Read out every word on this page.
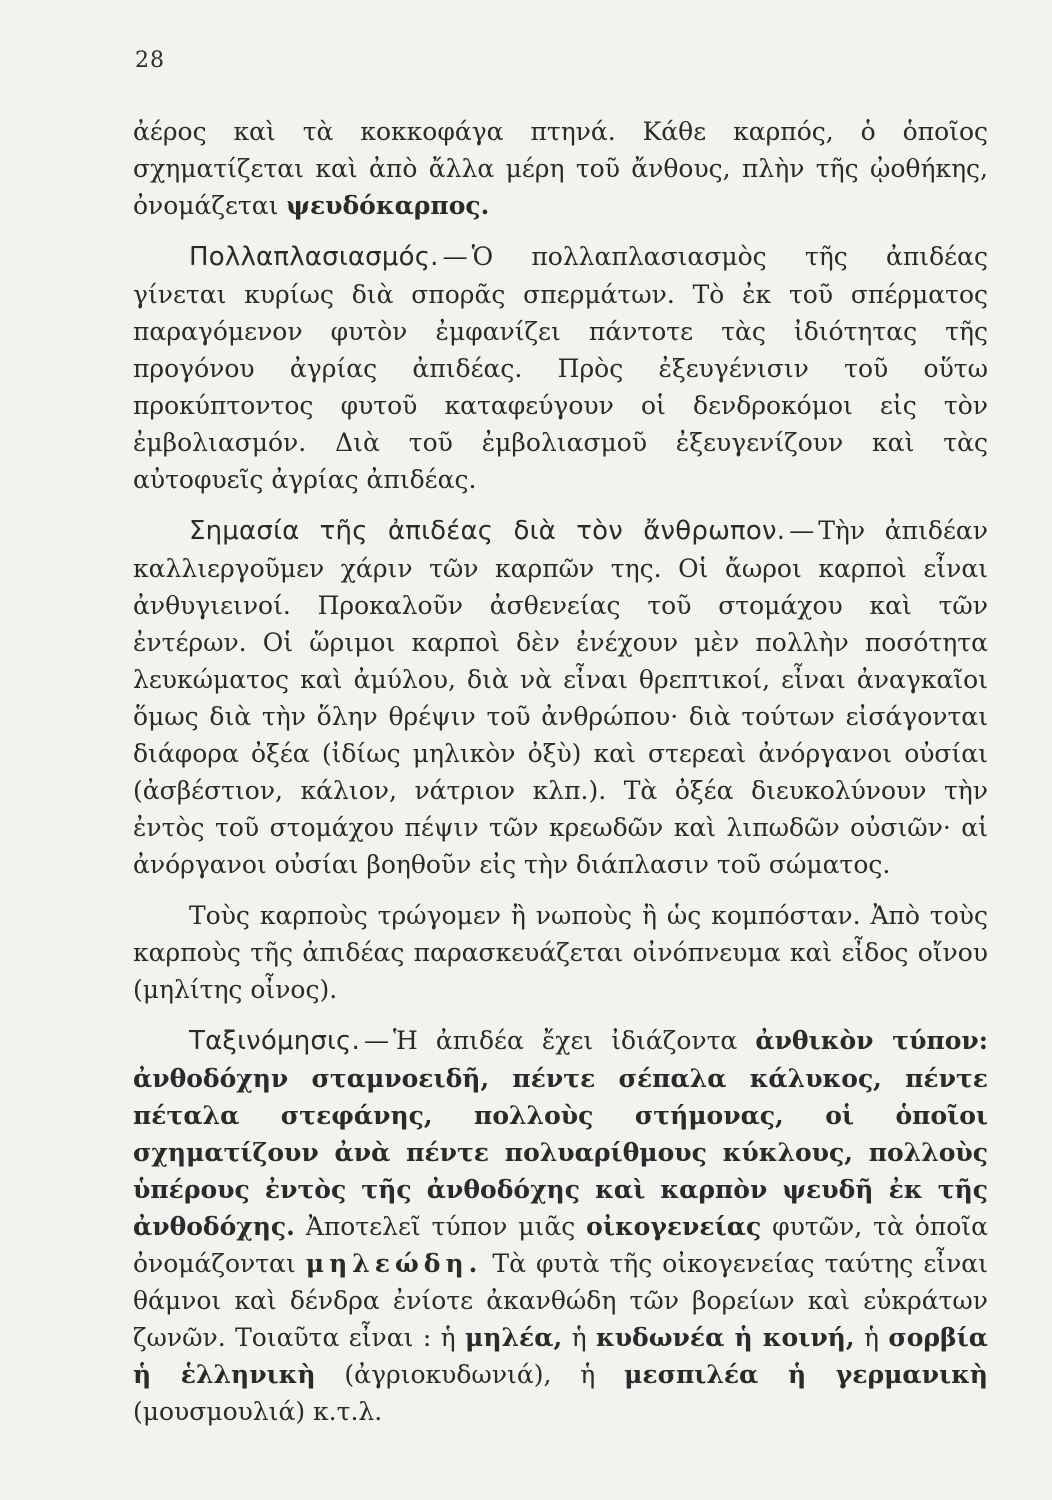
28

ἀέρος καὶ τὰ κοκκοφάγα πτηνά. Κάθε καρπός, ὁ ὁποῖος σχηματίζεται καὶ ἀπὸ ἄλλα μέρη τοῦ ἄνθους, πλὴν τῆς ᾠοθήκης, ὀνομάζεται ψευδόκαρπος.

Πολλαπλασιασμός. — Ὁ πολλαπλασιασμὸς τῆς ἀπιδέας γίνεται κυρίως διὰ σπορᾶς σπερμάτων. Τὸ ἐκ τοῦ σπέρματος παραγόμενον φυτὸν ἐμφανίζει πάντοτε τὰς ἰδιότητας τῆς προγόνου ἀγρίας ἀπιδέας. Πρὸς ἐξευγένισιν τοῦ οὕτω προκύπτοντος φυτοῦ καταφεύγουν οἱ δενδροκόμοι εἰς τὸν ἐμβολιασμόν. Διὰ τοῦ ἐμβολιασμοῦ ἐξευγενίζουν καὶ τὰς αὐτοφυεῖς ἀγρίας ἀπιδέας.

Σημασία τῆς ἀπιδέας διὰ τὸν ἄνθρωπον. — Τὴν ἀπιδέαν καλλιεργοῦμεν χάριν τῶν καρπῶν της. Οἱ ἄωροι καρποὶ εἶναι ἀνθυγιεινοί. Προκαλοῦν ἀσθενείας τοῦ στομάχου καὶ τῶν ἐντέρων. Οἱ ὥριμοι καρποὶ δὲν ἐνέχουν μὲν πολλὴν ποσότητα λευκώματος καὶ ἀμύλου, διὰ νὰ εἶναι θρεπτικοί, εἶναι ἀναγκαῖοι ὅμως διὰ τὴν ὅλην θρέψιν τοῦ ἀνθρώπου· διὰ τούτων εἰσάγονται διάφορα ὀξέα (ἰδίως μηλικὸν ὀξὺ) καὶ στερεαὶ ἀνόργανοι οὐσίαι (ἀσβέστιον, κάλιον, νάτριον κλπ.). Τὰ ὀξέα διευκολύνουν τὴν ἐντὸς τοῦ στομάχου πέψιν τῶν κρεωδῶν καὶ λιπωδῶν οὐσιῶν· αἱ ἀνόργανοι οὐσίαι βοηθοῦν εἰς τὴν διάπλασιν τοῦ σώματος.

Τοὺς καρποὺς τρώγομεν ἢ νωποὺς ἢ ὡς κομπόσταν. Ἀπὸ τοὺς καρποὺς τῆς ἀπιδέας παρασκευάζεται οἰνόπνευμα καὶ εἶδος οἴνου (μηλίτης οἶνος).

Ταξινόμησις. — Ἡ ἀπιδέα ἔχει ἰδιάζοντα ἀνθικὸν τύπον: ἀνθοδόχην σταμνοειδῆ, πέντε σέπαλα κάλυκος, πέντε πέταλα στεφάνης, πολλοὺς στήμονας, οἱ ὁποῖοι σχηματίζουν ἀνὰ πέντε πολυαρίθμους κύκλους, πολλοὺς ὑπέρους ἐντὸς τῆς ἀνθοδόχης καὶ καρπὸν ψευδῆ ἐκ τῆς ἀνθοδόχης. Ἀποτελεῖ τύπον μιᾶς οἰκογενείας φυτῶν, τὰ ὁποῖα ὀνομάζονται μηλεώδη. Τὰ φυτὰ τῆς οἰκογενείας ταύτης εἶναι θάμνοι καὶ δένδρα ἐνίοτε ἀκανθώδη τῶν βορείων καὶ εὐκράτων ζωνῶν. Τοιαῦτα εἶναι : ἡ μηλέα, ἡ κυδωνέα ἡ κοινή, ἡ σορβία ἡ ἑλληνικὴ (ἀγριοκυδωνιά), ἡ μεσπιλέα ἡ γερμανικὴ (μουσμουλιά) κ.τ.λ.
